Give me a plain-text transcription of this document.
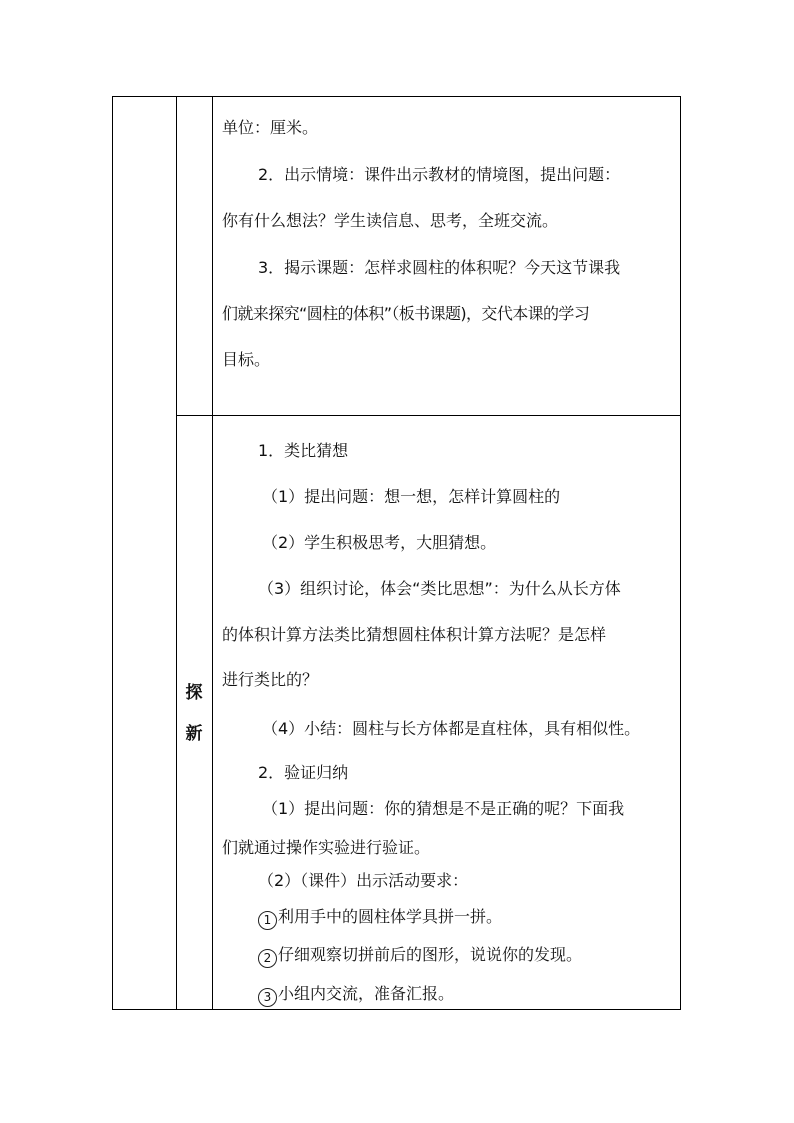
单位：厘米。
2．出示情境：课件出示教材的情境图，提出问题：
你有什么想法？学生读信息、思考，全班交流。
3．揭示课题：怎样求圆柱的体积呢？今天这节课我
们就来探究“圆柱的体积”（板书课题)，交代本课的学习
目标。
探
新
1．类比猜想
（1）提出问题：想一想，怎样计算圆柱的
（2）学生积极思考，大胆猜想。
（3）组织讨论，体会“类比思想”：为什么从长方体
的体积计算方法类比猜想圆柱体积计算方法呢？是怎样
进行类比的？
（4）小结：圆柱与长方体都是直柱体，具有相似性。
2．验证归纳
（1）提出问题：你的猜想是不是正确的呢？下面我
们就通过操作实验进行验证。
（2）（课件）出示活动要求：
1 利用手中的圆柱体学具拼一拼。
2 仔细观察切拼前后的图形，说说你的发现。
3 小组内交流，准备汇报。
